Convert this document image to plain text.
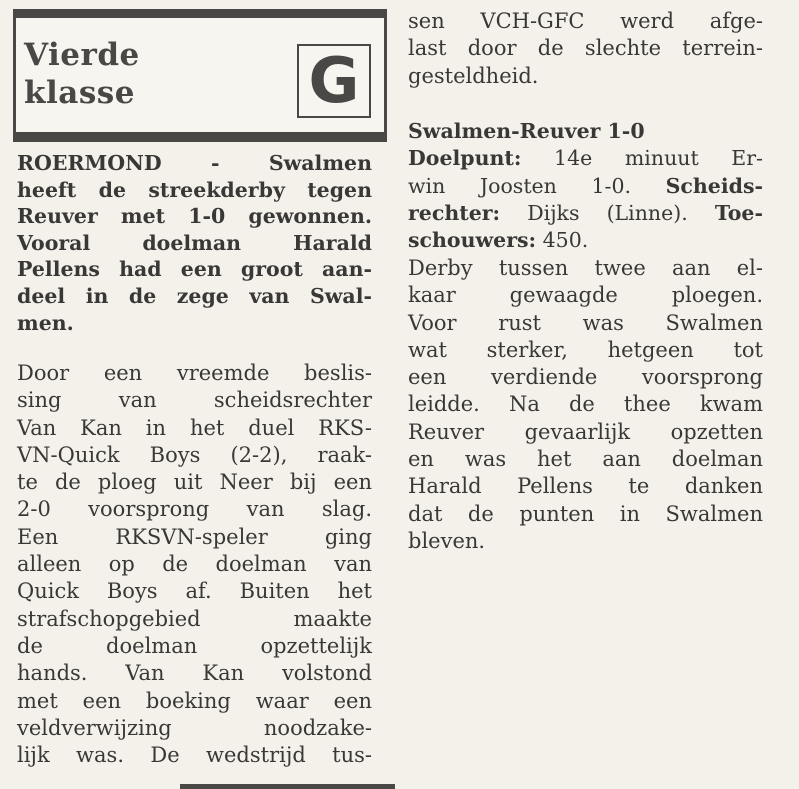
Vierde
klasse	G
ROERMOND - Swalmen
heeft de streekderby tegen
Reuver met 1-0 gewonnen.
Vooral doelman Harald
Pellens had een groot aan-
deel in de zege van Swal-
men.
Door een vreemde beslis-
sing van scheidsrechter
Van Kan in het duel RKS-
VN-Quick Boys (2-2), raak-
te de ploeg uit Neer bij een
2-0 voorsprong van slag.
Een RKSVN-speler ging
alleen op de doelman van
Quick Boys af. Buiten het
strafschopgebied maakte
de doelman opzettelijk
hands. Van Kan volstond
met een boeking waar een
veldverwijzing noodzake-
lijk was. De wedstrijd tus-
sen VCH-GFC werd afge-
last door de slechte terrein-
gesteldheid.
Swalmen-Reuver 1-0
Doelpunt: 14e minuut Er-
win Joosten 1-0. Scheids-
rechter: Dijks (Linne). Toe-
schouwers: 450.
Derby tussen twee aan el-
kaar gewaagde ploegen.
Voor rust was Swalmen
wat sterker, hetgeen tot
een verdiende voorsprong
leidde. Na de thee kwam
Reuver gevaarlijk opzetten
en was het aan doelman
Harald Pellens te danken
dat de punten in Swalmen
bleven.
